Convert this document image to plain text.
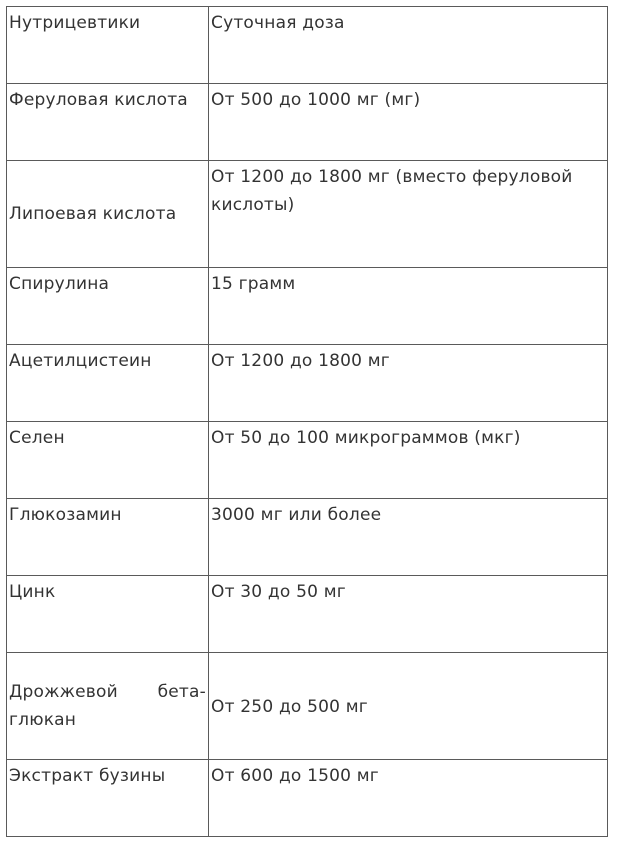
Нутрицевтики	Суточная доза
Феруловая кислота	От 500 до 1000 мг (мг)
Липоевая кислота	От 1200 до 1800 мг (вместо феруловой кислоты)
Спирулина	15 грамм
Ацетилцистеин	От 1200 до 1800 мг
Селен	От 50 до 100 микрограммов (мкг)
Глюкозамин	3000 мг или более
Цинк	От 30 до 50 мг

Дрожжевой бета-
глюкан	От 250 до 500 мг
Экстракт бузины	От 600 до 1500 мг
